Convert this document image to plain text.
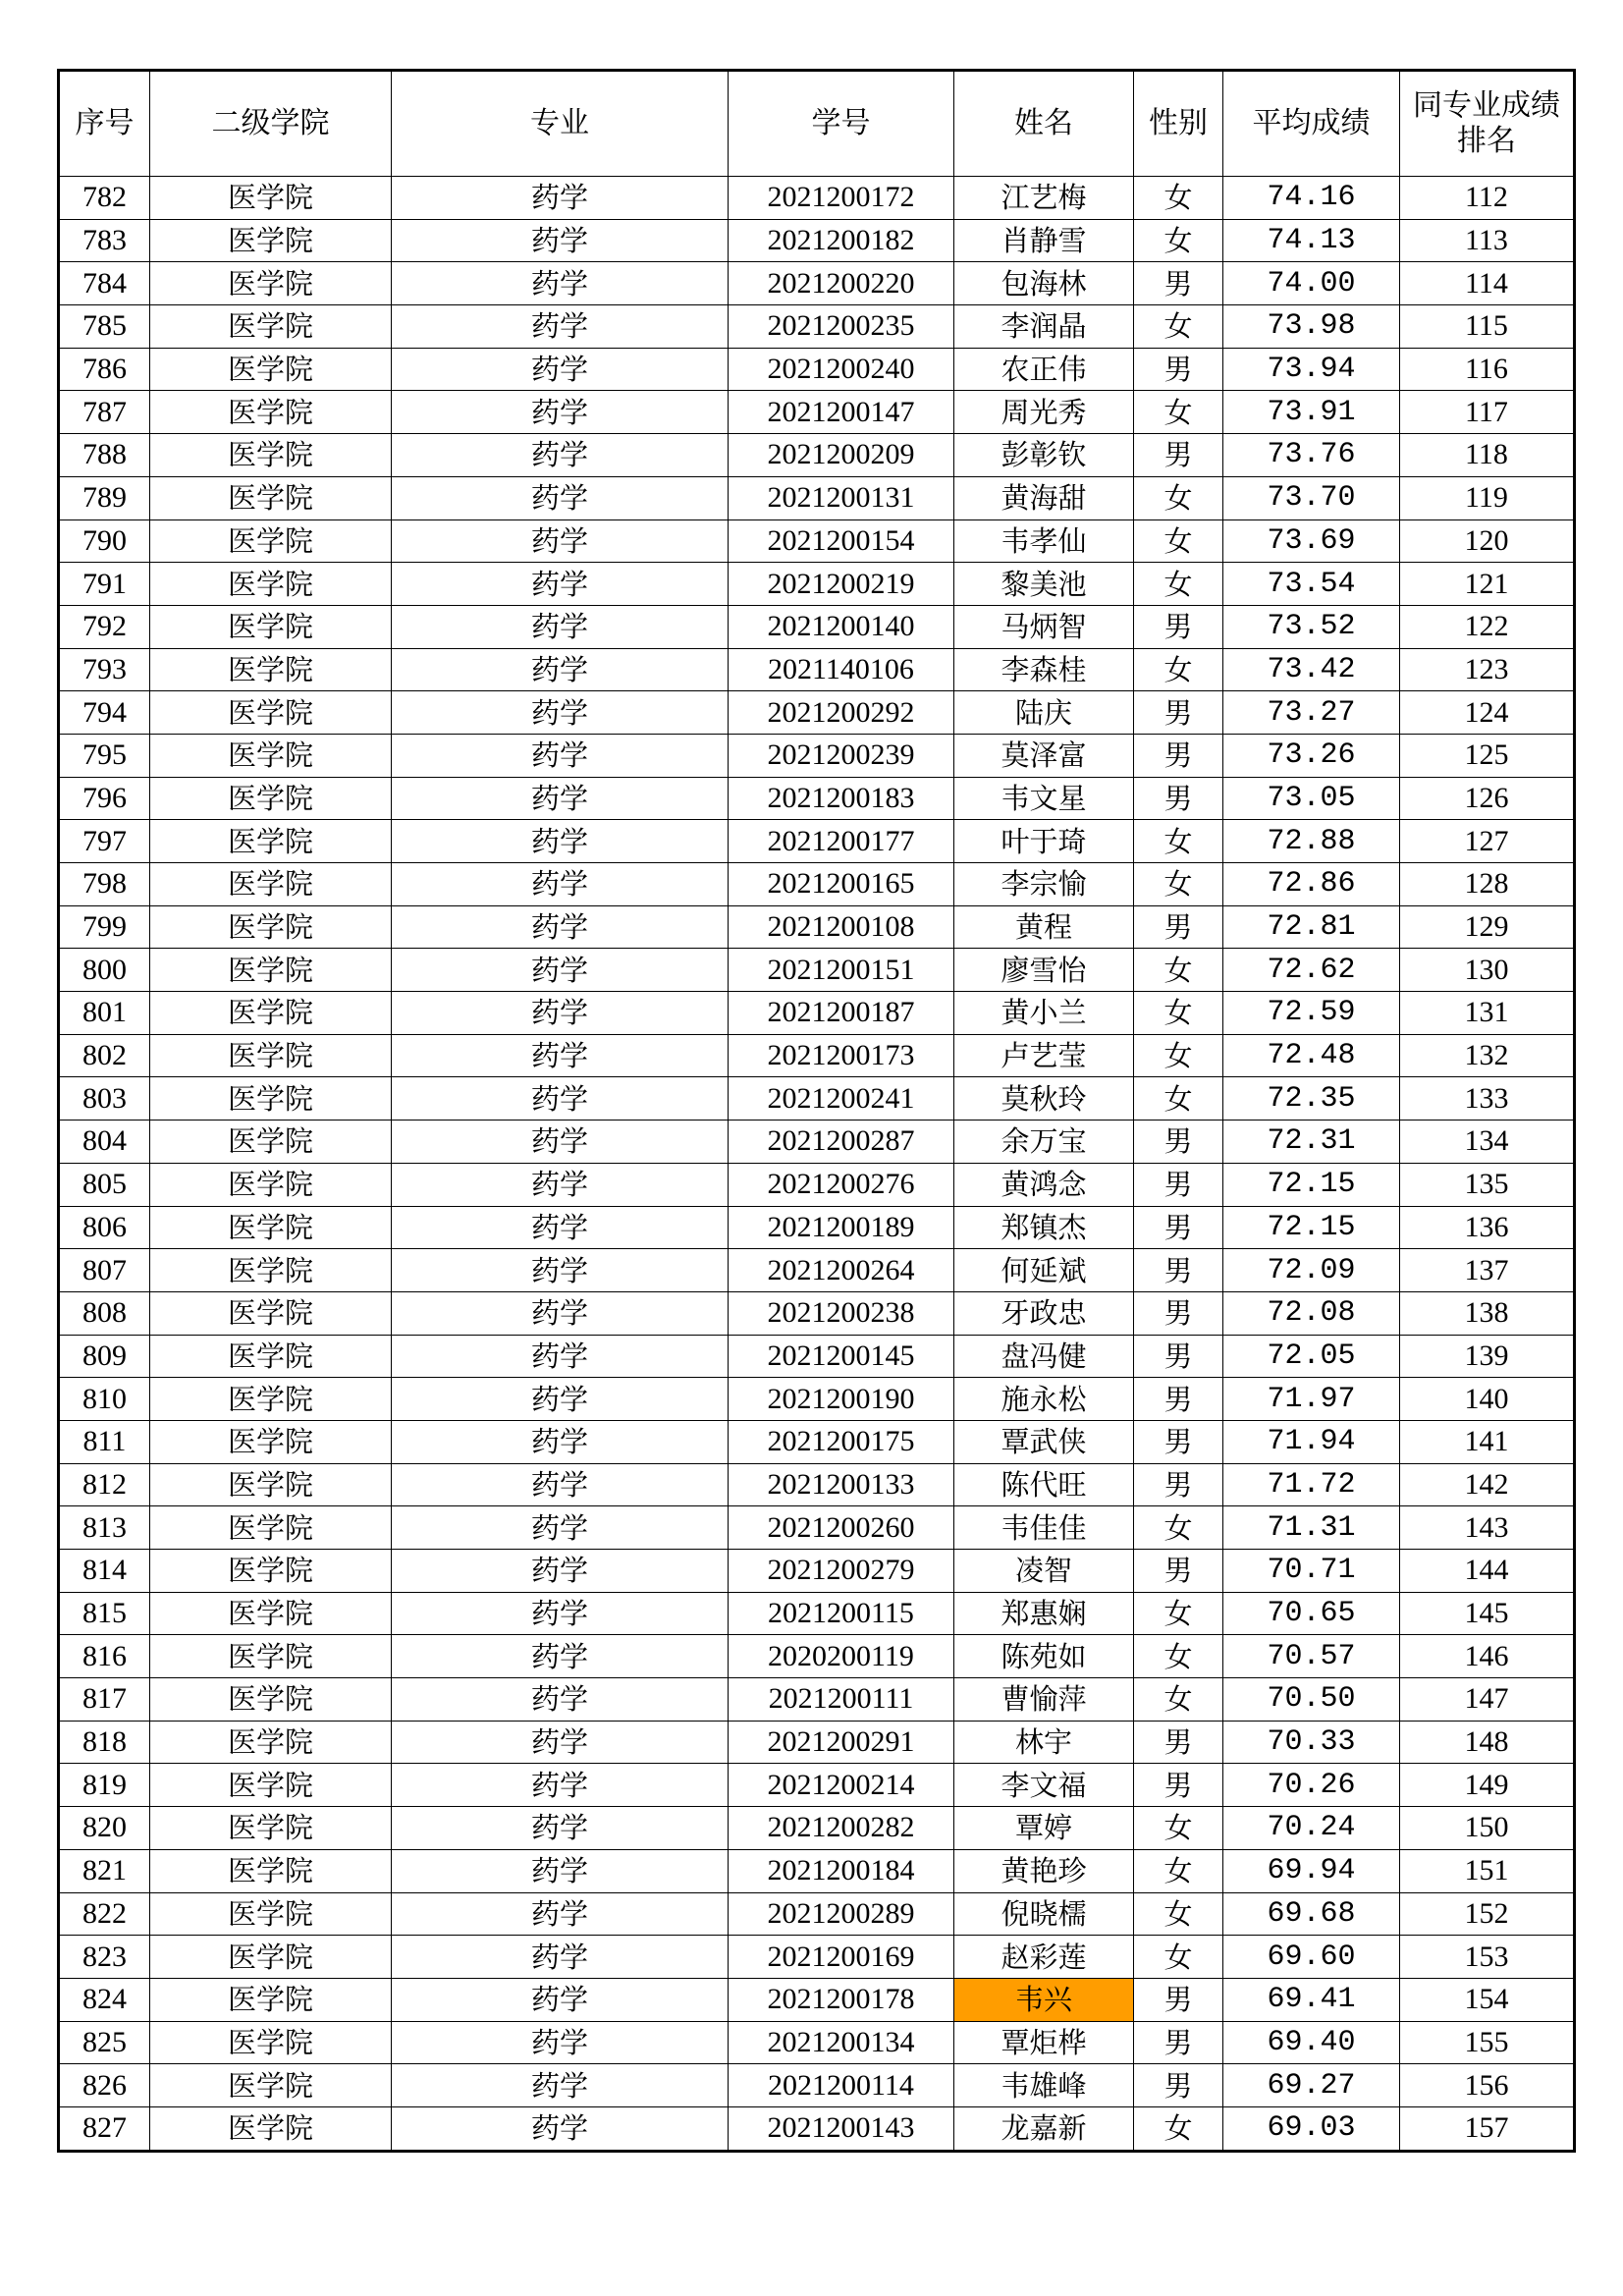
序号	二级学院	专业	学号	姓名	性别	平均成绩	同专业成绩排名
782	医学院	药学	2021200172	江艺梅	女	74.16	112
783	医学院	药学	2021200182	肖静雪	女	74.13	113
784	医学院	药学	2021200220	包海林	男	74.00	114
785	医学院	药学	2021200235	李润晶	女	73.98	115
786	医学院	药学	2021200240	农正伟	男	73.94	116
787	医学院	药学	2021200147	周光秀	女	73.91	117
788	医学院	药学	2021200209	彭彰钦	男	73.76	118
789	医学院	药学	2021200131	黄海甜	女	73.70	119
790	医学院	药学	2021200154	韦孝仙	女	73.69	120
791	医学院	药学	2021200219	黎美池	女	73.54	121
792	医学院	药学	2021200140	马炳智	男	73.52	122
793	医学院	药学	2021140106	李森桂	女	73.42	123
794	医学院	药学	2021200292	陆庆	男	73.27	124
795	医学院	药学	2021200239	莫泽富	男	73.26	125
796	医学院	药学	2021200183	韦文星	男	73.05	126
797	医学院	药学	2021200177	叶于琦	女	72.88	127
798	医学院	药学	2021200165	李宗愉	女	72.86	128
799	医学院	药学	2021200108	黄程	男	72.81	129
800	医学院	药学	2021200151	廖雪怡	女	72.62	130
801	医学院	药学	2021200187	黄小兰	女	72.59	131
802	医学院	药学	2021200173	卢艺莹	女	72.48	132
803	医学院	药学	2021200241	莫秋玲	女	72.35	133
804	医学院	药学	2021200287	余万宝	男	72.31	134
805	医学院	药学	2021200276	黄鸿念	男	72.15	135
806	医学院	药学	2021200189	郑镇杰	男	72.15	136
807	医学院	药学	2021200264	何延斌	男	72.09	137
808	医学院	药学	2021200238	牙政忠	男	72.08	138
809	医学院	药学	2021200145	盘冯健	男	72.05	139
810	医学院	药学	2021200190	施永松	男	71.97	140
811	医学院	药学	2021200175	覃武侠	男	71.94	141
812	医学院	药学	2021200133	陈代旺	男	71.72	142
813	医学院	药学	2021200260	韦佳佳	女	71.31	143
814	医学院	药学	2021200279	凌智	男	70.71	144
815	医学院	药学	2021200115	郑惠娴	女	70.65	145
816	医学院	药学	2020200119	陈苑如	女	70.57	146
817	医学院	药学	2021200111	曹愉萍	女	70.50	147
818	医学院	药学	2021200291	林宇	男	70.33	148
819	医学院	药学	2021200214	李文福	男	70.26	149
820	医学院	药学	2021200282	覃婷	女	70.24	150
821	医学院	药学	2021200184	黄艳珍	女	69.94	151
822	医学院	药学	2021200289	倪晓檽	女	69.68	152
823	医学院	药学	2021200169	赵彩莲	女	69.60	153
824	医学院	药学	2021200178	韦兴	男	69.41	154
825	医学院	药学	2021200134	覃炬桦	男	69.40	155
826	医学院	药学	2021200114	韦雄峰	男	69.27	156
827	医学院	药学	2021200143	龙嘉新	女	69.03	157
